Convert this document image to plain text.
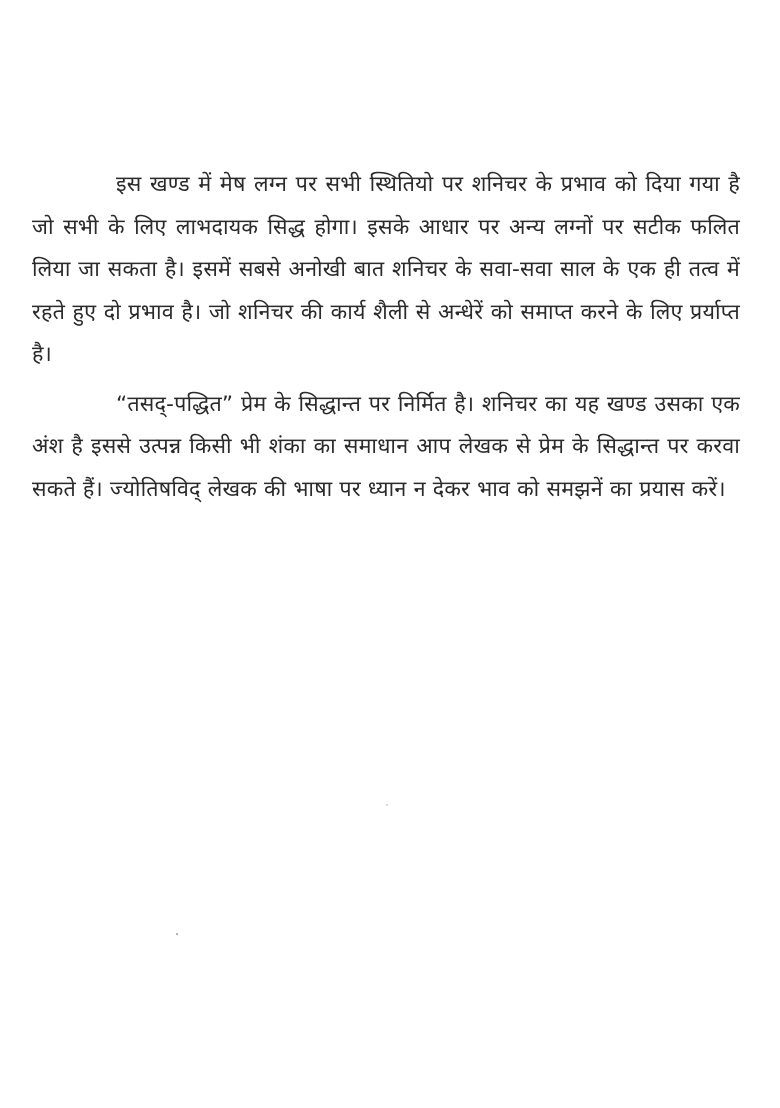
इस खण्ड में मेष लग्न पर सभी स्थितियो पर शनिचर के प्रभाव को दिया गया है जो सभी के लिए लाभदायक सिद्ध होगा। इसके आधार पर अन्य लग्नों पर सटीक फलित लिया जा सकता है। इसमें सबसे अनोखी बात शनिचर के सवा-सवा साल के एक ही तत्व में रहते हुए दो प्रभाव है। जो शनिचर की कार्य शैली से अन्धेरें को समाप्त करने के लिए प्रर्याप्त है।

“तसद्-पद्धित” प्रेम के सिद्धान्त पर निर्मित है। शनिचर का यह खण्ड उसका एक अंश है इससे उत्पन्न किसी भी शंका का समाधान आप लेखक से प्रेम के सिद्धान्त पर करवा सकते हैं। ज्योतिषविद् लेखक की भाषा पर ध्यान न देकर भाव को समझनें का प्रयास करें।
